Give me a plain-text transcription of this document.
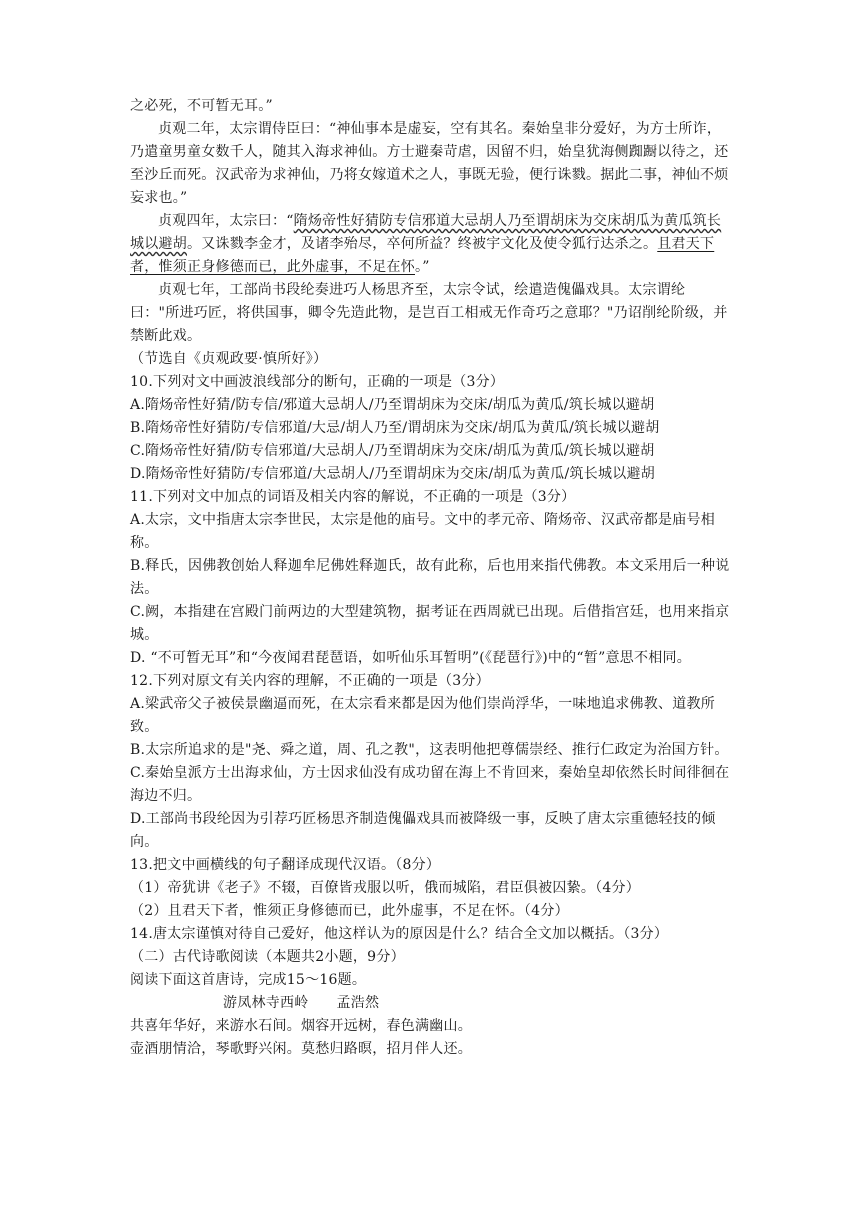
之必死，不可暂无耳。”

贞观二年，太宗谓侍臣曰：“神仙事本是虚妄，空有其名。秦始皇非分爱好，为方士所诈，乃遣童男童女数千人，随其入海求神仙。方士避秦苛虐，因留不归，始皇犹海侧踟蹰以待之，还至沙丘而死。汉武帝为求神仙，乃将女嫁道术之人，事既无验，便行诛戮。据此二事，神仙不烦妄求也。”

贞观四年，太宗曰：“隋炀帝性好猜防专信邪道大忌胡人乃至谓胡床为交床胡瓜为黄瓜筑长城以避胡。又诛戮李金才，及诸李殆尽，卒何所益？终被宇文化及使令狐行达杀之。且君天下者，惟须正身修德而已，此外虚事，不足在怀。”

贞观七年，工部尚书段纶奏进巧人杨思齐至，太宗令试，绘遣造傀儡戏具。太宗谓纶曰："所进巧匠，将供国事，卿令先造此物，是岂百工相戒无作奇巧之意耶？"乃诏削纶阶级，并禁断此戏。

（节选自《贞观政要·慎所好》）
10.下列对文中画波浪线部分的断句，正确的一项是（3分）
A.隋炀帝性好猜/防专信/邪道大忌胡人/乃至谓胡床为交床/胡瓜为黄瓜/筑长城以避胡
B.隋炀帝性好猜防/专信邪道/大忌/胡人乃至/谓胡床为交床/胡瓜为黄瓜/筑长城以避胡
C.隋炀帝性好猜/防专信邪道/大忌胡人/乃至谓胡床为交床/胡瓜为黄瓜/筑长城以避胡
D.隋炀帝性好猜防/专信邪道/大忌胡人/乃至谓胡床为交床/胡瓜为黄瓜/筑长城以避胡
11.下列对文中加点的词语及相关内容的解说，不正确的一项是（3分）

A.太宗，文中指唐太宗李世民，太宗是他的庙号。文中的孝元帝、隋炀帝、汉武帝都是庙号相称。

B.释氏，因佛教创始人释迦牟尼佛姓释迦氏，故有此称，后也用来指代佛教。本文采用后一种说法。

C.阙，本指建在宫殿门前两边的大型建筑物，据考证在西周就已出现。后借指宫廷，也用来指京城。

D. “不可暂无耳”和“今夜闻君琵琶语，如听仙乐耳暂明”(《琵琶行》)中的“暂”意思不相同。

12.下列对原文有关内容的理解，不正确的一项是（3分）

A.梁武帝父子被侯景幽逼而死，在太宗看来都是因为他们崇尚浮华，一味地追求佛教、道教所致。

B.太宗所追求的是"尧、舜之道，周、孔之教"，这表明他把尊儒崇经、推行仁政定为治国方针。

C.秦始皇派方士出海求仙，方士因求仙没有成功留在海上不肯回来，秦始皇却依然长时间徘徊在海边不归。

D.工部尚书段纶因为引荐巧匠杨思齐制造傀儡戏具而被降级一事，反映了唐太宗重德轻技的倾向。

13.把文中画横线的句子翻译成现代汉语。（8分）
（1）帝犹讲《老子》不辍，百僚皆戎服以听，俄而城陷，君臣俱被囚絷。（4分）
（2）且君天下者，惟须正身修德而已，此外虚事，不足在怀。（4分）
14.唐太宗谨慎对待自己爱好，他这样认为的原因是什么？结合全文加以概括。（3分）
（二）古代诗歌阅读（本题共2小题，9分）
阅读下面这首唐诗，完成15～16题。
游凤林寺西岭 孟浩然
共喜年华好，来游水石间。烟容开远树，春色满幽山。
壶酒朋情洽，琴歌野兴闲。莫愁归路暝，招月伴人还。
